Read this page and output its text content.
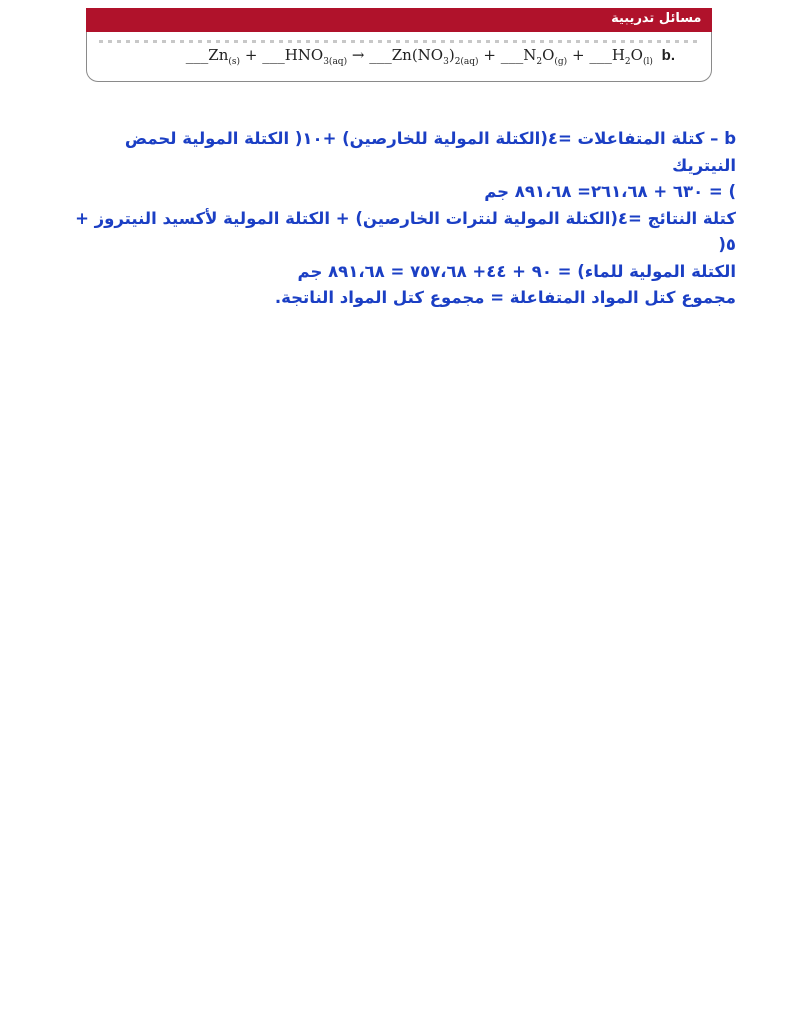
مسائل تدريبية
$\_\_\_Zn_{(s)}$ + $\_\_\_HNO_{3(aq)}$ → $\_\_\_Zn(NO_3)_{2(aq)}$ + $\_\_\_N_2O_{(g)}$ + $\_\_\_H_2O_{(l)}$ b.

b – كتلة المتفاعلات =٤(الكتلة المولية للخارصين) +١٠( الكتلة المولية لحمض النيتريك

) = ٦٣٠ + ٢٦١،٦٨= ٨٩١،٦٨ جم

كتلة النتائج =٤(الكتلة المولية لنترات الخارصين) + الكتلة المولية لأكسيد النيتروز + ٥(

الكتلة المولية للماء) = ٩٠ + ٤٤+ ٧٥٧،٦٨ = ٨٩١،٦٨ جم

مجموع كتل المواد المتفاعلة = مجموع كتل المواد الناتجة.
